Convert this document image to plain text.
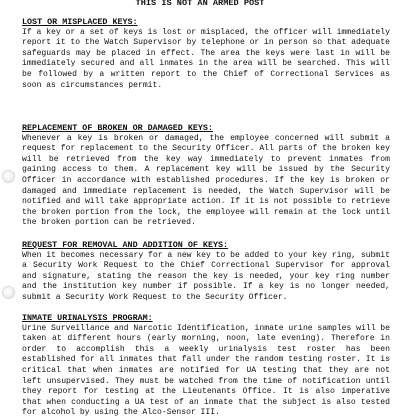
THIS IS NOT AN ARMED POST
LOST OR MISPLACED KEYS:

If a key or a set of keys is lost or misplaced, the officer will immediately report it to the Watch Supervisor by telephone or in person so that adequate safeguards may be placed in effect. The area the keys were last in will be immediately secured and all inmates in the area will be searched. This will be followed by a written report to the Chief of Correctional Services as soon as circumstances permit.

REPLACEMENT OF BROKEN OR DAMAGED KEYS:

Whenever a key is broken or damaged, the employee concerned will submit a request for replacement to the Security Officer. All parts of the broken key will be retrieved from the key way immediately to prevent inmates from gaining access to them. A replacement key will be issued by the Security Officer in accordance with established procedures. If the key is broken or damaged and immediate replacement is needed, the Watch Supervisor will be notified and will take appropriate action. If it is not possible to retrieve the broken portion from the lock, the employee will remain at the lock until the broken portion can be retrieved.

REQUEST FOR REMOVAL AND ADDITION OF KEYS:

When it becomes necessary for a new key to be added to your key ring, submit a Security Work Request to the Chief Correctional Supervisor for approval and signature, stating the reason the key is needed, your key ring number and the institution key number if possible. If a key is no longer needed, submit a Security Work Request to the Security Officer.

INMATE URINALYSIS PROGRAM:

Urine Surveillance and Narcotic Identification, inmate urine samples will be taken at different hours (early morning, noon, late evening). Therefore in order to accomplish this a weekly urinalysis test roster has been established for all inmates that fall under the random testing roster. It is critical that when inmates are notified for UA testing that they are not left unsupervised. They must be watched from the time of notification until they report for testing at the Lieutenants Office. It is also imperative that when conducting a UA test of an inmate that the subject is also tested for alcohol by using the Alco-Sensor III.
